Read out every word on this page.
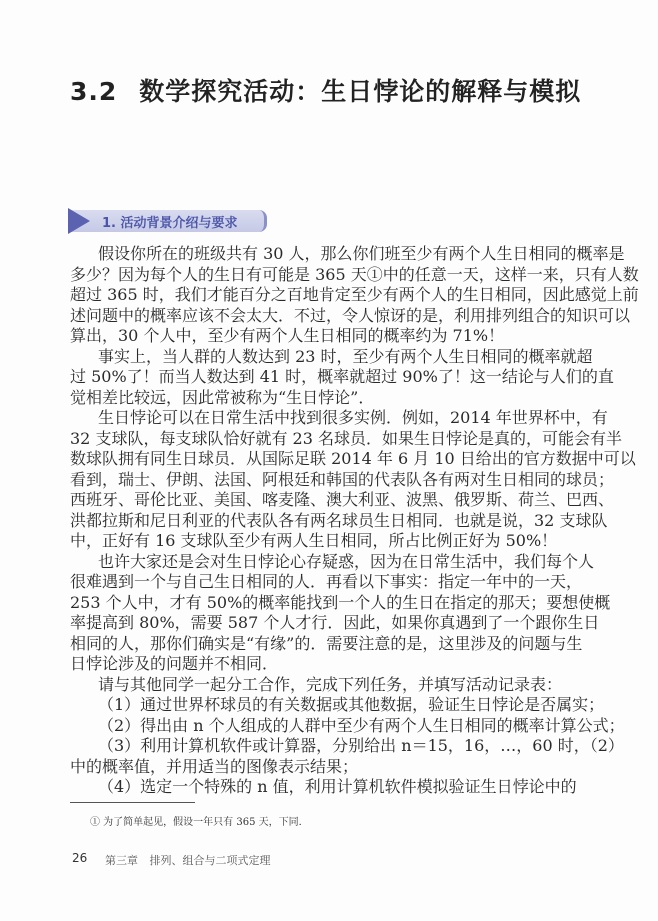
3.2 数学探究活动：生日悖论的解释与模拟
1. 活动背景介绍与要求
假设你所在的班级共有 30 人，那么你们班至少有两个人生日相同的概率是
多少？因为每个人的生日有可能是 365 天①中的任意一天，这样一来，只有人数
超过 365 时，我们才能百分之百地肯定至少有两个人的生日相同，因此感觉上前
述问题中的概率应该不会太大．不过，令人惊讶的是，利用排列组合的知识可以
算出，30 个人中，至少有两个人生日相同的概率约为 71%！
事实上，当人群的人数达到 23 时，至少有两个人生日相同的概率就超
过 50%了！而当人数达到 41 时，概率就超过 90%了！这一结论与人们的直
觉相差比较远，因此常被称为“生日悖论”．
生日悖论可以在日常生活中找到很多实例．例如，2014 年世界杯中，有
32 支球队，每支球队恰好就有 23 名球员．如果生日悖论是真的，可能会有半
数球队拥有同生日球员．从国际足联 2014 年 6 月 10 日给出的官方数据中可以
看到，瑞士、伊朗、法国、阿根廷和韩国的代表队各有两对生日相同的球员；
西班牙、哥伦比亚、美国、喀麦隆、澳大利亚、波黑、俄罗斯、荷兰、巴西、
洪都拉斯和尼日利亚的代表队各有两名球员生日相同．也就是说，32 支球队
中，正好有 16 支球队至少有两人生日相同，所占比例正好为 50%！
也许大家还是会对生日悖论心存疑惑，因为在日常生活中，我们每个人
很难遇到一个与自己生日相同的人．再看以下事实：指定一年中的一天，
253 个人中，才有 50%的概率能找到一个人的生日在指定的那天；要想使概
率提高到 80%，需要 587 个人才行．因此，如果你真遇到了一个跟你生日
相同的人，那你们确实是“有缘”的．需要注意的是，这里涉及的问题与生
日悖论涉及的问题并不相同．
请与其他同学一起分工合作，完成下列任务，并填写活动记录表：
（1）通过世界杯球员的有关数据或其他数据，验证生日悖论是否属实；
（2）得出由 n 个人组成的人群中至少有两个人生日相同的概率计算公式；
（3）利用计算机软件或计算器，分别给出 n＝15，16，…，60 时，（2）
中的概率值，并用适当的图像表示结果；
（4）选定一个特殊的 n 值，利用计算机软件模拟验证生日悖论中的
① 为了简单起见，假设一年只有 365 天，下同．
26 第三章 排列、组合与二项式定理
